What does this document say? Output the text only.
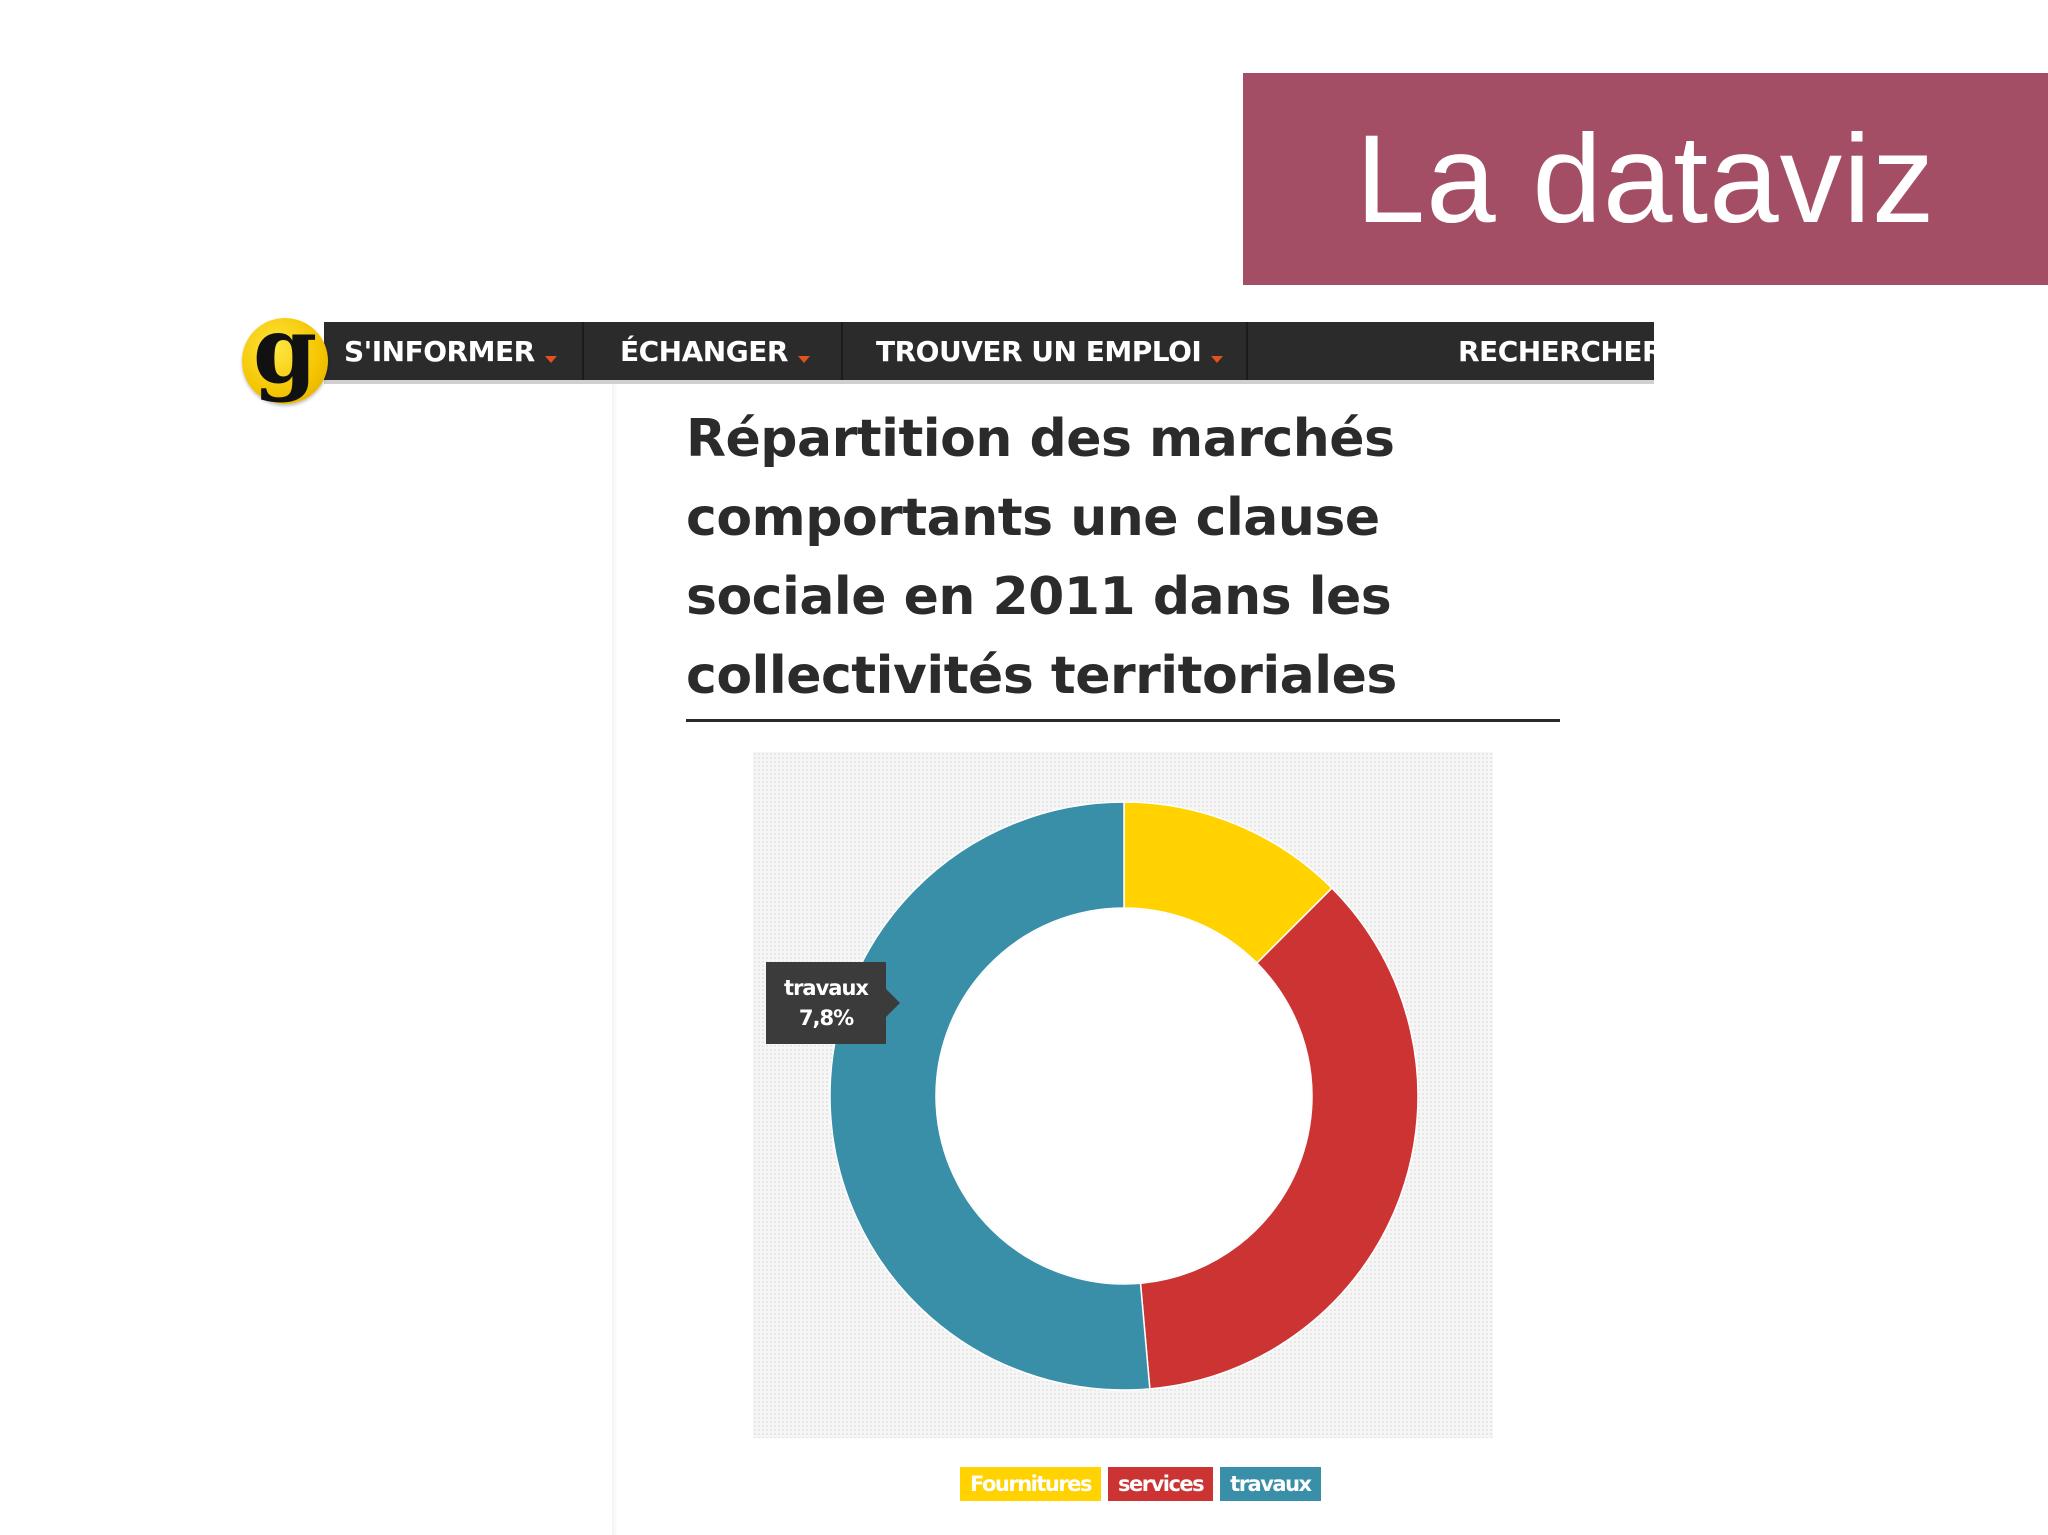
La dataviz
S'INFORMER	ÉCHANGER	TROUVER UN EMPLOI	RECHERCHER
g
Répartition des marchés comportants une clause sociale en 2011 dans les collectivités territoriales
travaux
7,8%
Fournitures	services	travaux
